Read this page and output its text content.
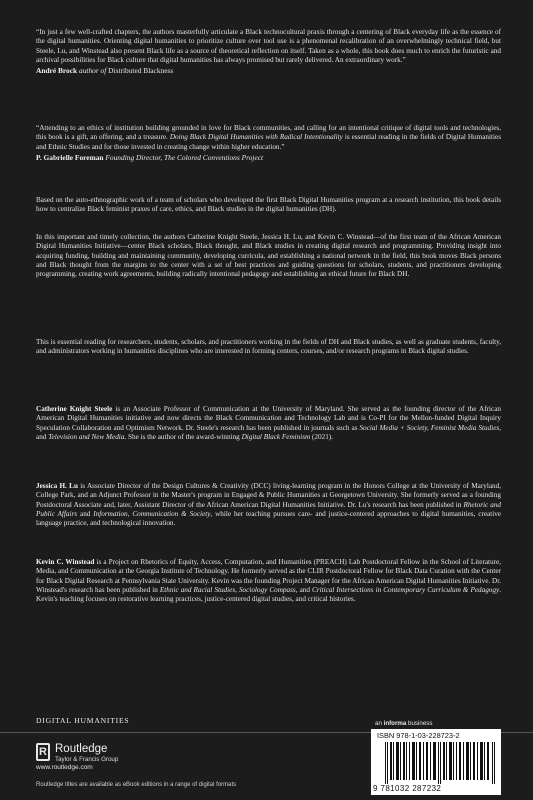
“In just a few well-crafted chapters, the authors masterfully articulate a Black technocultural praxis through a centering of Black everyday life as the essence of the digital humanities. Orienting digital humanities to prioritize culture over tool use is a phenomenal recalibration of an overwhelmingly technical field, but Steele, Lu, and Winstead also present Black life as a source of theoretical reflection on itself. Taken as a whole, this book does much to enrich the futuristic and archival possibilities for Black culture that digital humanities has always promised but rarely delivered. An extraordinary work.”

André Brock author of Distributed Blackness

“Attending to an ethics of institution building grounded in love for Black communities, and calling for an intentional critique of digital tools and technologies, this book is a gift, an offering, and a treasure. Doing Black Digital Humanities with Radical Intentionality is essential reading in the fields of Digital Humanities and Ethnic Studies and for those invested in creating change within higher education.”

P. Gabrielle Foreman Founding Director, The Colored Conventions Project

Based on the auto-ethnographic work of a team of scholars who developed the first Black Digital Humanities program at a research institution, this book details how to centralize Black feminist praxes of care, ethics, and Black studies in the digital humanities (DH).

In this important and timely collection, the authors Catherine Knight Steele, Jessica H. Lu, and Kevin C. Winstead—of the first team of the African American Digital Humanities Initiative—center Black scholars, Black thought, and Black studies in creating digital research and programming. Providing insight into acquiring funding, building and maintaining community, developing curricula, and establishing a national network in the field, this book moves Black persons and Black thought from the margins to the center with a set of best practices and guiding questions for scholars, students, and practitioners developing programming, creating work agreements, building radically intentional pedagogy and establishing an ethical future for Black DH.

This is essential reading for researchers, students, scholars, and practitioners working in the fields of DH and Black studies, as well as graduate students, faculty, and administrators working in humanities disciplines who are interested in forming centers, courses, and/or research programs in Black digital studies.

Catherine Knight Steele is an Associate Professor of Communication at the University of Maryland. She served as the founding director of the African American Digital Humanities initiative and now directs the Black Communication and Technology Lab and is Co-PI for the Mellon-funded Digital Inquiry Speculation Collaboration and Optimism Network. Dr. Steele's research has been published in journals such as Social Media + Society, Feminist Media Studies, and Television and New Media. She is the author of the award-winning Digital Black Feminism (2021).

Jessica H. Lu is Associate Director of the Design Cultures & Creativity (DCC) living-learning program in the Honors College at the University of Maryland, College Park, and an Adjunct Professor in the Master's program in Engaged & Public Humanities at Georgetown University. She formerly served as a founding Postdoctoral Associate and, later, Assistant Director of the African American Digital Humanities Initiative. Dr. Lu's research has been published in Rhetoric and Public Affairs and Information, Communication & Society, while her teaching pursues care- and justice-centered approaches to digital humanities, creative language practice, and technological innovation.

Kevin C. Winstead is a Project on Rhetorics of Equity, Access, Computation, and Humanities (PREACH) Lab Postdoctoral Fellow in the School of Literature, Media, and Communication at the Georgia Institute of Technology. He formerly served as the CLIR Postdoctoral Fellow for Black Data Curation with the Center for Black Digital Research at Pennsylvania State University. Kevin was the founding Project Manager for the African American Digital Humanities Initiative. Dr. Winstead's research has been published in Ethnic and Racial Studies, Sociology Compass, and Critical Intersections in Contemporary Curriculum & Pedagogy. Kevin's teaching focuses on restorative learning practices, justice-centered digital studies, and critical histories.

DIGITAL HUMANITIES
R Routledge
Taylor & Francis Group
www.routledge.com
Routledge titles are available as eBook editions in a range of digital formats
an informa business
ISBN 978-1-03-228723-2
9 781032 287232
